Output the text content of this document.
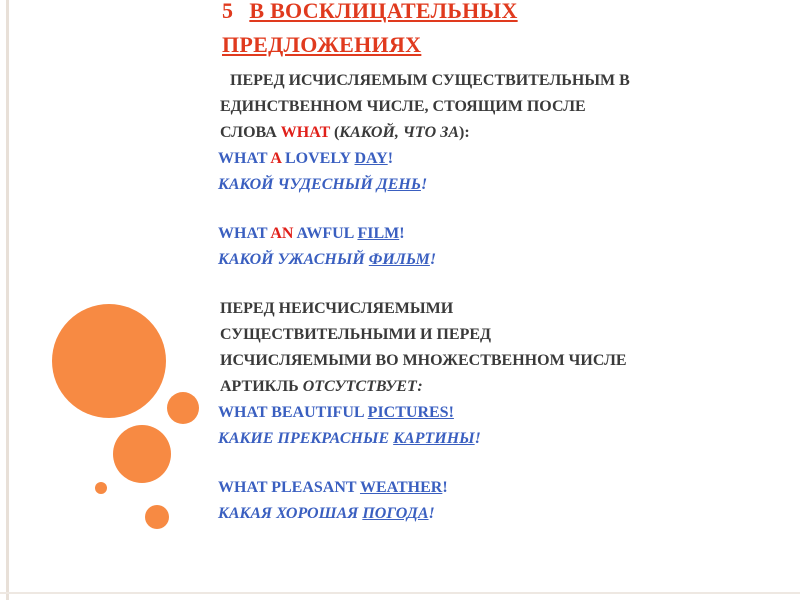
5 В ВОСКЛИЦАТЕЛЬНЫХ
ПРЕДЛОЖЕНИЯХ
ПЕРЕД ИСЧИСЛЯЕМЫМ СУЩЕСТВИТЕЛЬНЫМ В
ЕДИНСТВЕННОМ ЧИСЛЕ, СТОЯЩИМ ПОСЛЕ
СЛОВА WHAT (КАКОЙ, ЧТО ЗА):
WHAT A LOVELY DAY!
КАКОЙ ЧУДЕСНЫЙ ДЕНЬ!
WHAT AN AWFUL FILM!
КАКОЙ УЖАСНЫЙ ФИЛЬМ!
ПЕРЕД НЕИСЧИСЛЯЕМЫМИ
СУЩЕСТВИТЕЛЬНЫМИ И ПЕРЕД
ИСЧИСЛЯЕМЫМИ ВО МНОЖЕСТВЕННОМ ЧИСЛЕ
АРТИКЛЬ ОТСУТСТВУЕТ:
WHAT BEAUTIFUL PICTURES!
КАКИЕ ПРЕКРАСНЫЕ КАРТИНЫ!
WHAT PLEASANT WEATHER!
КАКАЯ ХОРОШАЯ ПОГОДА!
